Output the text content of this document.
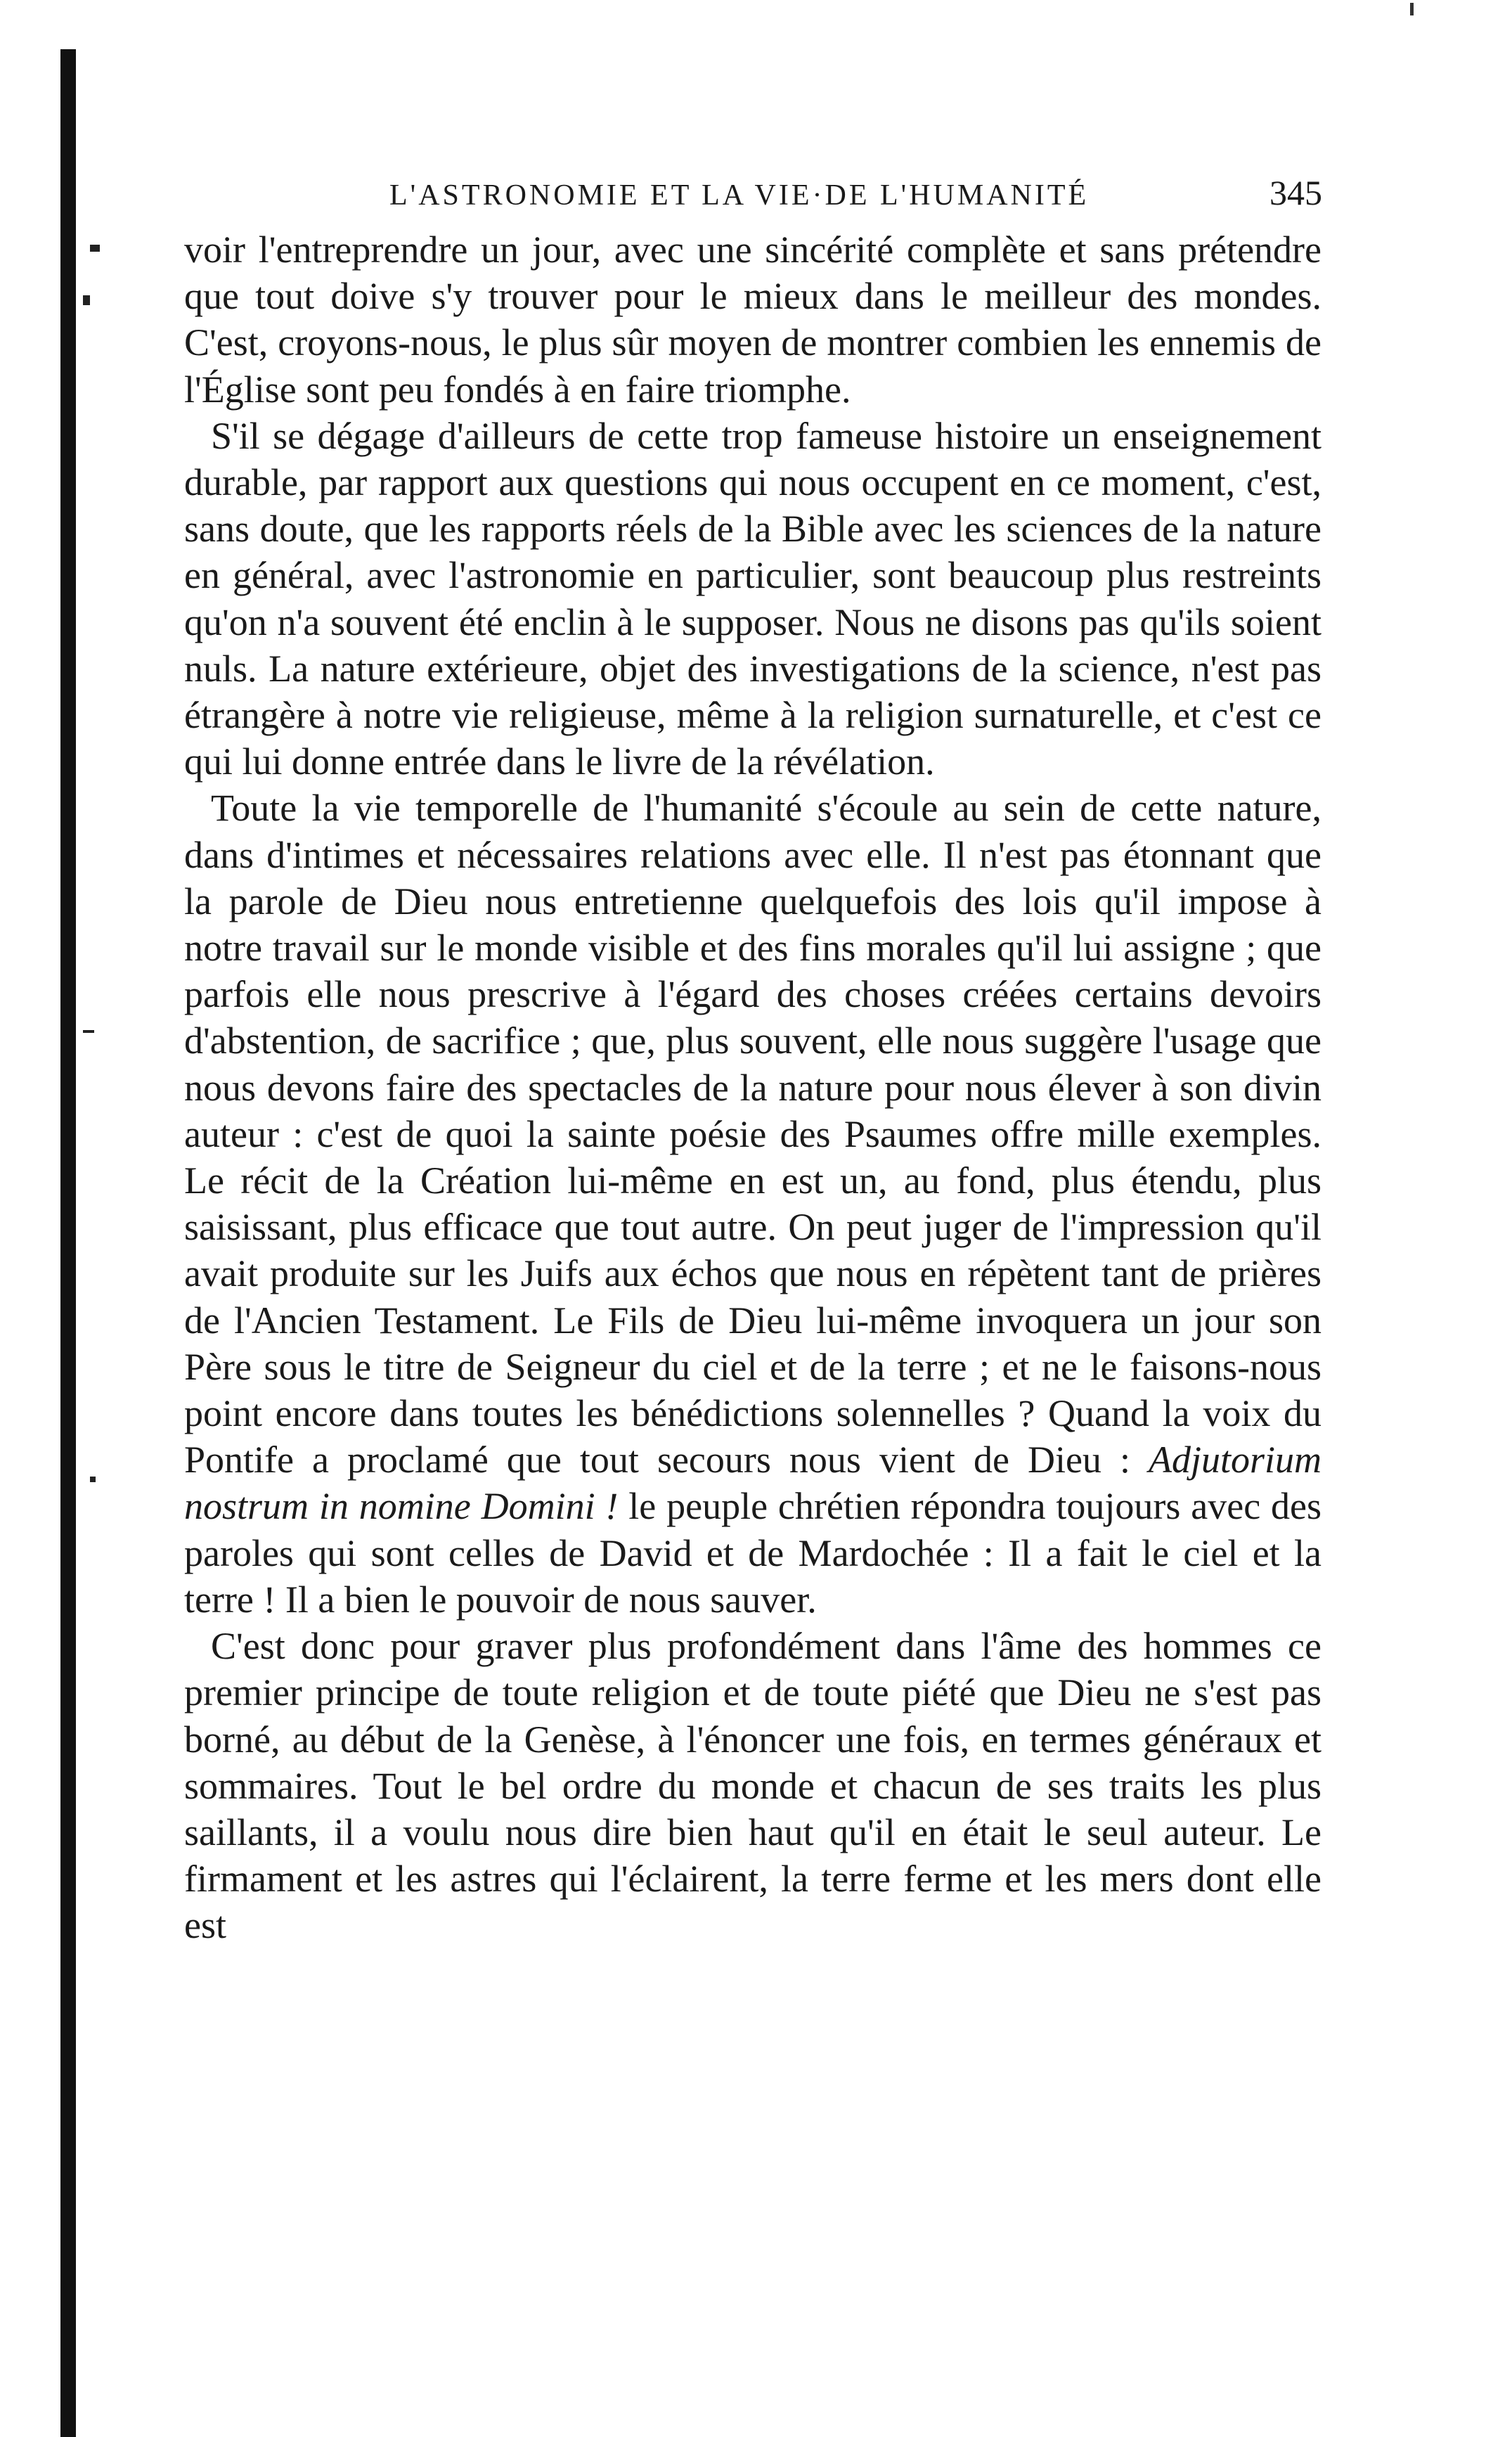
L'ASTRONOMIE ET LA VIE·DE L'HUMANITÉ	345

voir l'entreprendre un jour, avec une sincérité complète et sans prétendre que tout doive s'y trouver pour le mieux dans le meilleur des mondes. C'est, croyons-nous, le plus sûr moyen de montrer combien les ennemis de l'Église sont peu fondés à en faire triomphe.

S'il se dégage d'ailleurs de cette trop fameuse histoire un enseignement durable, par rapport aux questions qui nous occupent en ce moment, c'est, sans doute, que les rapports réels de la Bible avec les sciences de la nature en général, avec l'astronomie en particulier, sont beaucoup plus restreints qu'on n'a souvent été enclin à le supposer. Nous ne disons pas qu'ils soient nuls. La nature extérieure, objet des investigations de la science, n'est pas étrangère à notre vie religieuse, même à la religion surnaturelle, et c'est ce qui lui donne entrée dans le livre de la révélation.

Toute la vie temporelle de l'humanité s'écoule au sein de cette nature, dans d'intimes et nécessaires relations avec elle. Il n'est pas étonnant que la parole de Dieu nous entretienne quelquefois des lois qu'il impose à notre travail sur le monde visible et des fins morales qu'il lui assigne ; que parfois elle nous prescrive à l'égard des choses créées certains devoirs d'abstention, de sacrifice ; que, plus souvent, elle nous suggère l'usage que nous devons faire des spectacles de la nature pour nous élever à son divin auteur : c'est de quoi la sainte poésie des Psaumes offre mille exemples. Le récit de la Création lui-même en est un, au fond, plus étendu, plus saisissant, plus efficace que tout autre. On peut juger de l'impression qu'il avait produite sur les Juifs aux échos que nous en répètent tant de prières de l'Ancien Testament. Le Fils de Dieu lui-même invoquera un jour son Père sous le titre de Seigneur du ciel et de la terre ; et ne le faisons-nous point encore dans toutes les bénédictions solennelles ? Quand la voix du Pontife a proclamé que tout secours nous vient de Dieu : Adjutorium nostrum in nomine Domini ! le peuple chrétien répondra toujours avec des paroles qui sont celles de David et de Mardochée : Il a fait le ciel et la terre ! Il a bien le pouvoir de nous sauver.

C'est donc pour graver plus profondément dans l'âme des hommes ce premier principe de toute religion et de toute piété que Dieu ne s'est pas borné, au début de la Genèse, à l'énoncer une fois, en termes généraux et sommaires. Tout le bel ordre du monde et chacun de ses traits les plus saillants, il a voulu nous dire bien haut qu'il en était le seul auteur. Le firmament et les astres qui l'éclairent, la terre ferme et les mers dont elle est
